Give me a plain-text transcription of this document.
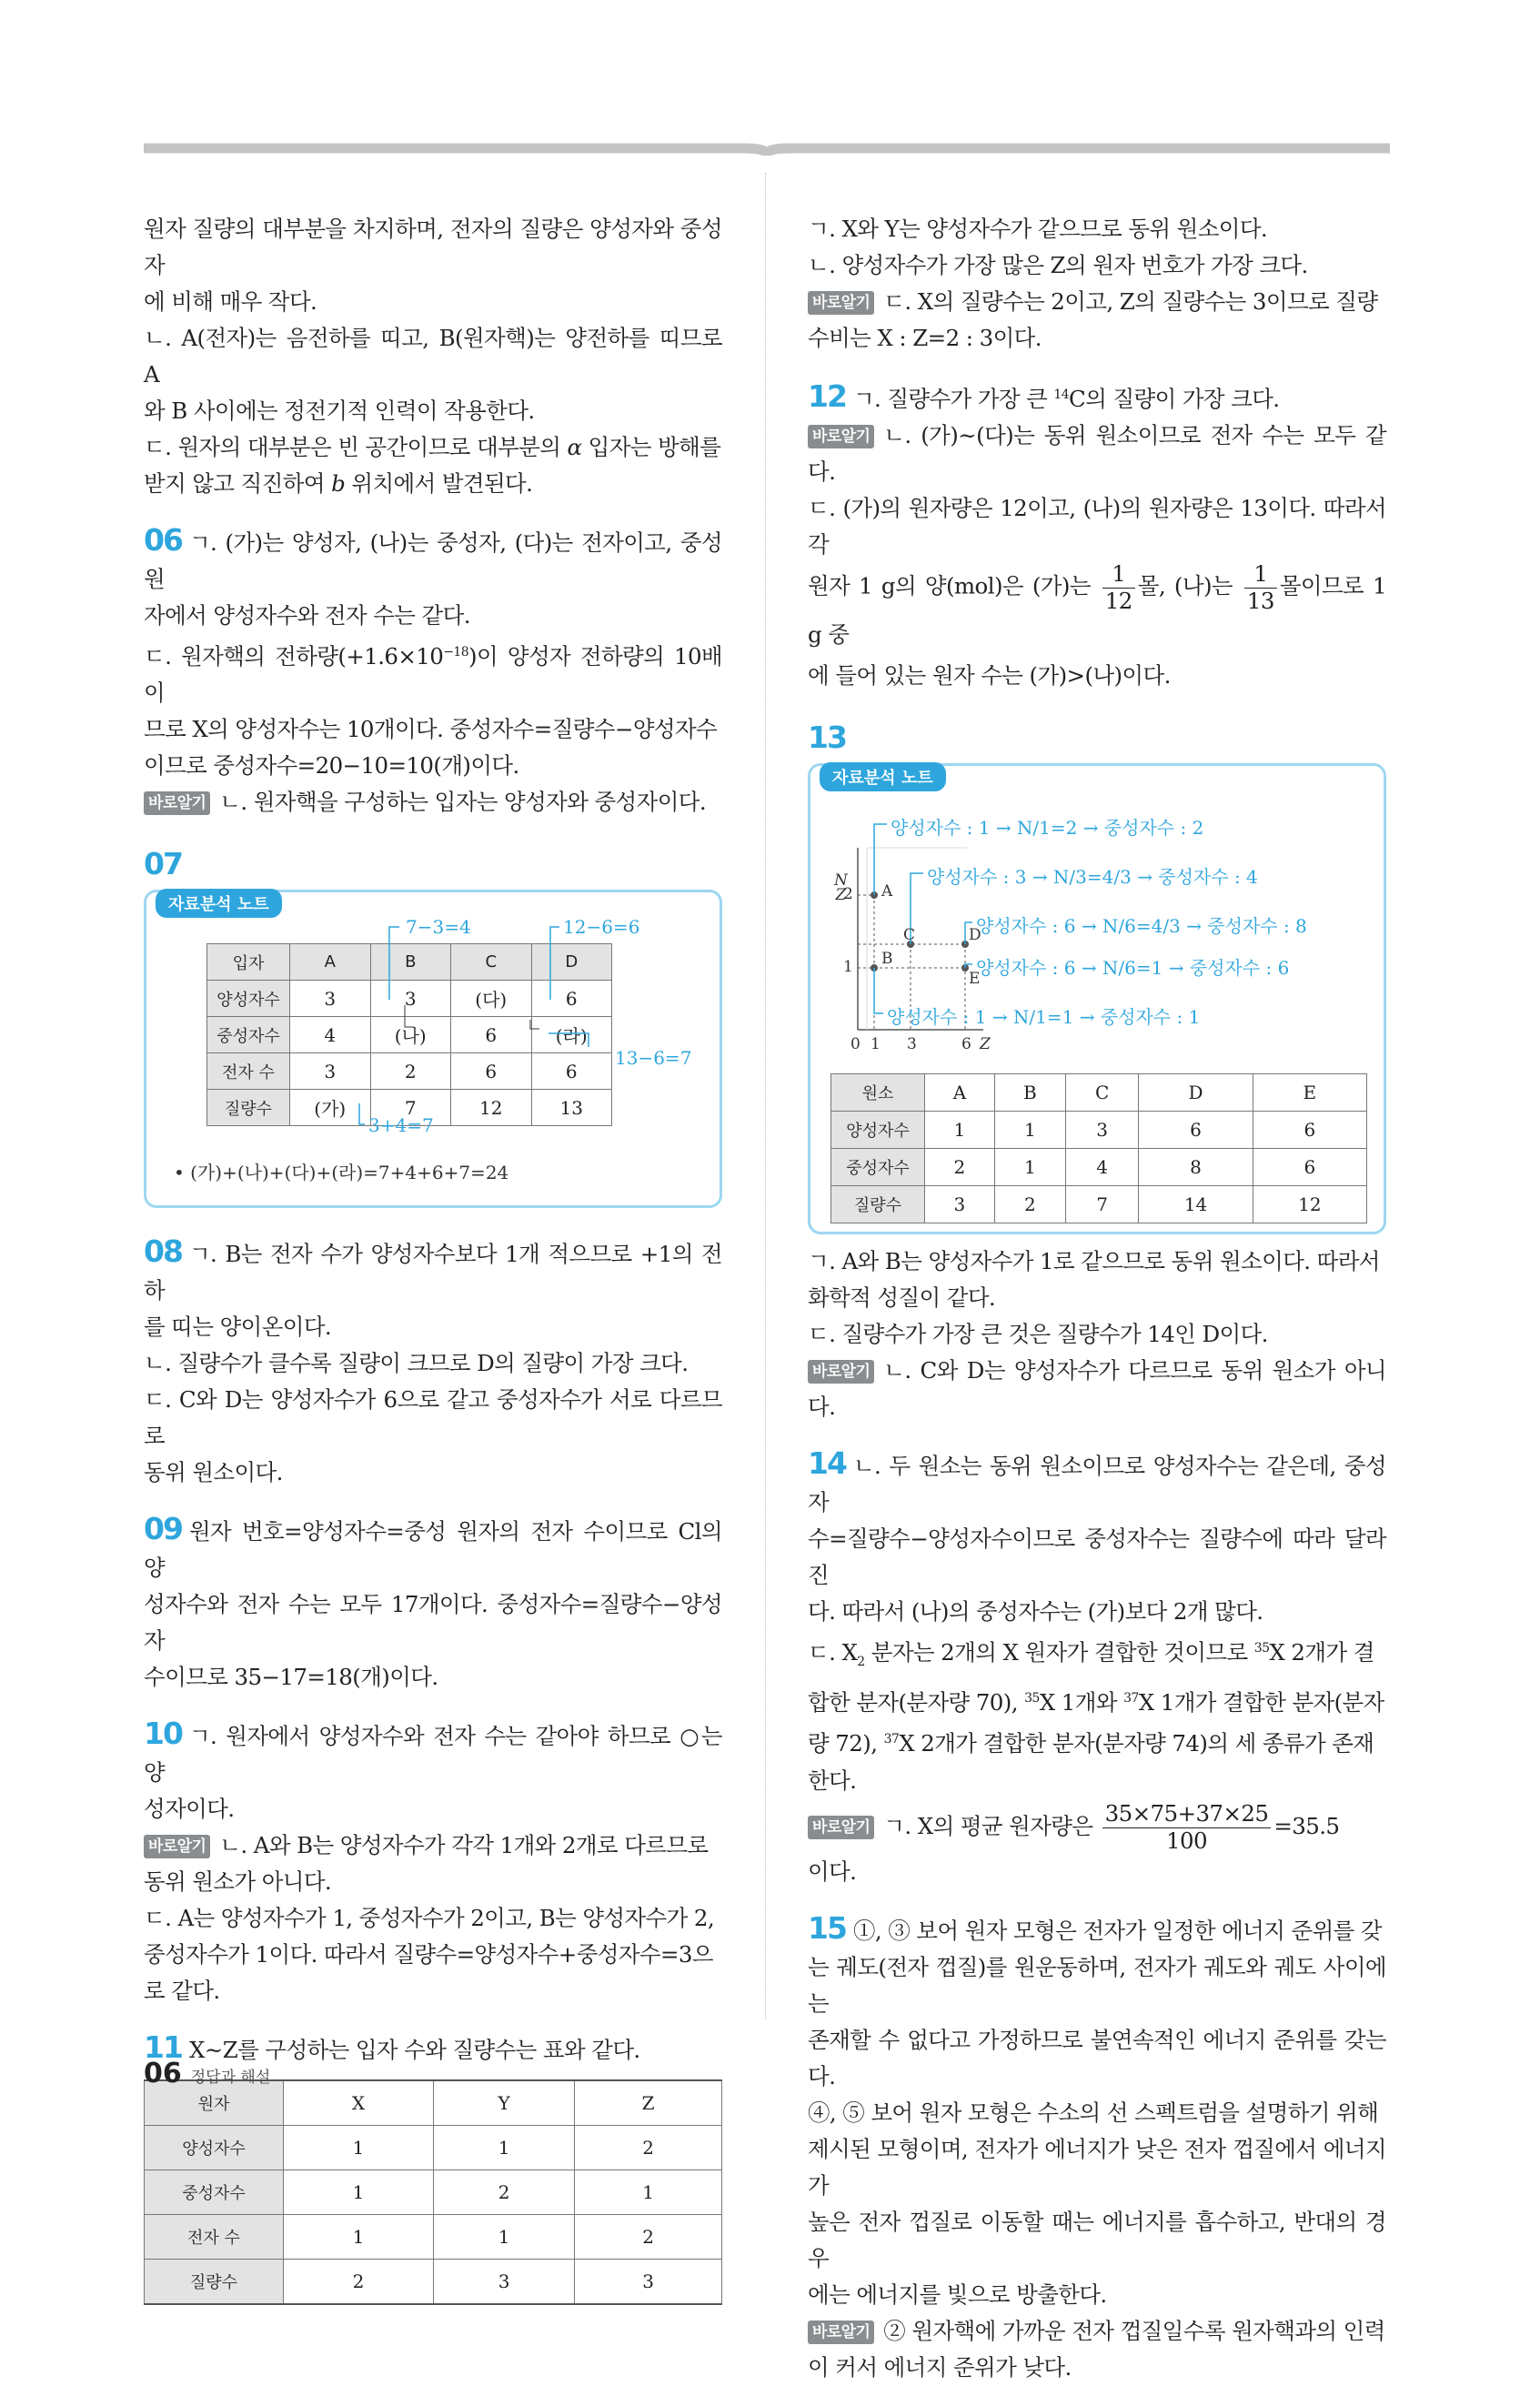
원자 질량의 대부분을 차지하며, 전자의 질량은 양성자와 중성자

에 비해 매우 작다.

ㄴ. A(전자)는 음전하를 띠고, B(원자핵)는 양전하를 띠므로 A

와 B 사이에는 정전기적 인력이 작용한다.

ㄷ. 원자의 대부분은 빈 공간이므로 대부분의 α 입자는 방해를

받지 않고 직진하여 b 위치에서 발견된다.

06 ㄱ. (가)는 양성자, (나)는 중성자, (다)는 전자이고, 중성 원

자에서 양성자수와 전자 수는 같다.

ㄷ. 원자핵의 전하량$(+1.6\times 10^{-18})$이 양성자 전하량의 10배이

므로 X의 양성자수는 10개이다. 중성자수=질량수−양성자수

이므로 중성자수=20−10=10(개)이다.

바로알기 ㄴ. 원자핵을 구성하는 입자는 양성자와 중성자이다.

07
자료분석 노트
입자	A	B	C	D
양성자수	3	3	(다)	6
중성자수	4	(나)	6	(라)
전자 수	3	2	6	6
질량수	(가)	7	12	13
7−3=4	12−6=6
13−6=7
3+4=7
• (가)+(나)+(다)+(라)=7+4+6+7=24

08 ㄱ. B는 전자 수가 양성자수보다 1개 적으므로 +1의 전하

를 띠는 양이온이다.

ㄴ. 질량수가 클수록 질량이 크므로 D의 질량이 가장 크다.

ㄷ. C와 D는 양성자수가 6으로 같고 중성자수가 서로 다르므로

동위 원소이다.

09 원자 번호=양성자수=중성 원자의 전자 수이므로 Cl의 양

성자수와 전자 수는 모두 17개이다. 중성자수=질량수−양성자

수이므로 35−17=18(개)이다.

10 ㄱ. 원자에서 양성자수와 전자 수는 같아야 하므로 ○는 양

성자이다.

바로알기 ㄴ. A와 B는 양성자수가 각각 1개와 2개로 다르므로

동위 원소가 아니다.

ㄷ. A는 양성자수가 1, 중성자수가 2이고, B는 양성자수가 2,

중성자수가 1이다. 따라서 질량수=양성자수+중성자수=3으

로 같다.

11 X~Z를 구성하는 입자 수와 질량수는 표와 같다.

원자	X	Y	Z
양성자수	1	1	2
중성자수	1	2	1
전자 수	1	1	2
질량수	2	3	3

ㄱ. X와 Y는 양성자수가 같으므로 동위 원소이다.

ㄴ. 양성자수가 가장 많은 Z의 원자 번호가 가장 크다.

바로알기 ㄷ. X의 질량수는 2이고, Z의 질량수는 3이므로 질량

수비는 X : Z=2 : 3이다.

12 ㄱ. 질량수가 가장 큰 $^{14}$C의 질량이 가장 크다.

바로알기 ㄴ. (가)~(다)는 동위 원소이므로 전자 수는 모두 같다.

ㄷ. (가)의 원자량은 12이고, (나)의 원자량은 13이다. 따라서 각

원자 1 g의 양(mol)은 (가)는 $\frac{1}{12}$ 몰, (나)는 $\frac{1}{13}$ 몰이므로 1 g 중

에 들어 있는 원자 수는 (가)>(나)이다.

13
자료분석 노트
N
Z
2
1
0 1 3	6 Z
A
B
C	D
E
양성자수 : 1 → N/1=2 → 중성자수 : 2
양성자수 : 3 → N/3=4/3 → 중성자수 : 4
양성자수 : 6 → N/6=4/3 → 중성자수 : 8
양성자수 : 6 → N/6=1 → 중성자수 : 6
양성자수 : 1 → N/1=1 → 중성자수 : 1
원소	A	B	C	D	E
양성자수	1	1	3	6	6
중성자수	2	1	4	8	6
질량수	3	2	7	14	12

ㄱ. A와 B는 양성자수가 1로 같으므로 동위 원소이다. 따라서

화학적 성질이 같다.

ㄷ. 질량수가 가장 큰 것은 질량수가 14인 D이다.

바로알기 ㄴ. C와 D는 양성자수가 다르므로 동위 원소가 아니다.

14 ㄴ. 두 원소는 동위 원소이므로 양성자수는 같은데, 중성자

수=질량수−양성자수이므로 중성자수는 질량수에 따라 달라진

다. 따라서 (나)의 중성자수는 (가)보다 2개 많다.

ㄷ. $X_2$ 분자는 2개의 X 원자가 결합한 것이므로 $^{35}$X 2개가 결

합한 분자(분자량 70), $^{35}$X 1개와 $^{37}$X 1개가 결합한 분자(분자

량 72), $^{37}$X 2개가 결합한 분자(분자량 74)의 세 종류가 존재

한다.

바로알기 ㄱ. X의 평균 원자량은 $\frac{35\times 75+37\times 25}{100} =35.5$

이다.

15 ①, ③ 보어 원자 모형은 전자가 일정한 에너지 준위를 갖

는 궤도(전자 껍질)를 원운동하며, 전자가 궤도와 궤도 사이에는

존재할 수 없다고 가정하므로 불연속적인 에너지 준위를 갖는다.

④, ⑤ 보어 원자 모형은 수소의 선 스펙트럼을 설명하기 위해

제시된 모형이며, 전자가 에너지가 낮은 전자 껍질에서 에너지가

높은 전자 껍질로 이동할 때는 에너지를 흡수하고, 반대의 경우

에는 에너지를 빛으로 방출한다.

바로알기 ② 원자핵에 가까운 전자 껍질일수록 원자핵과의 인력

이 커서 에너지 준위가 낮다.

06 정답과 해설
